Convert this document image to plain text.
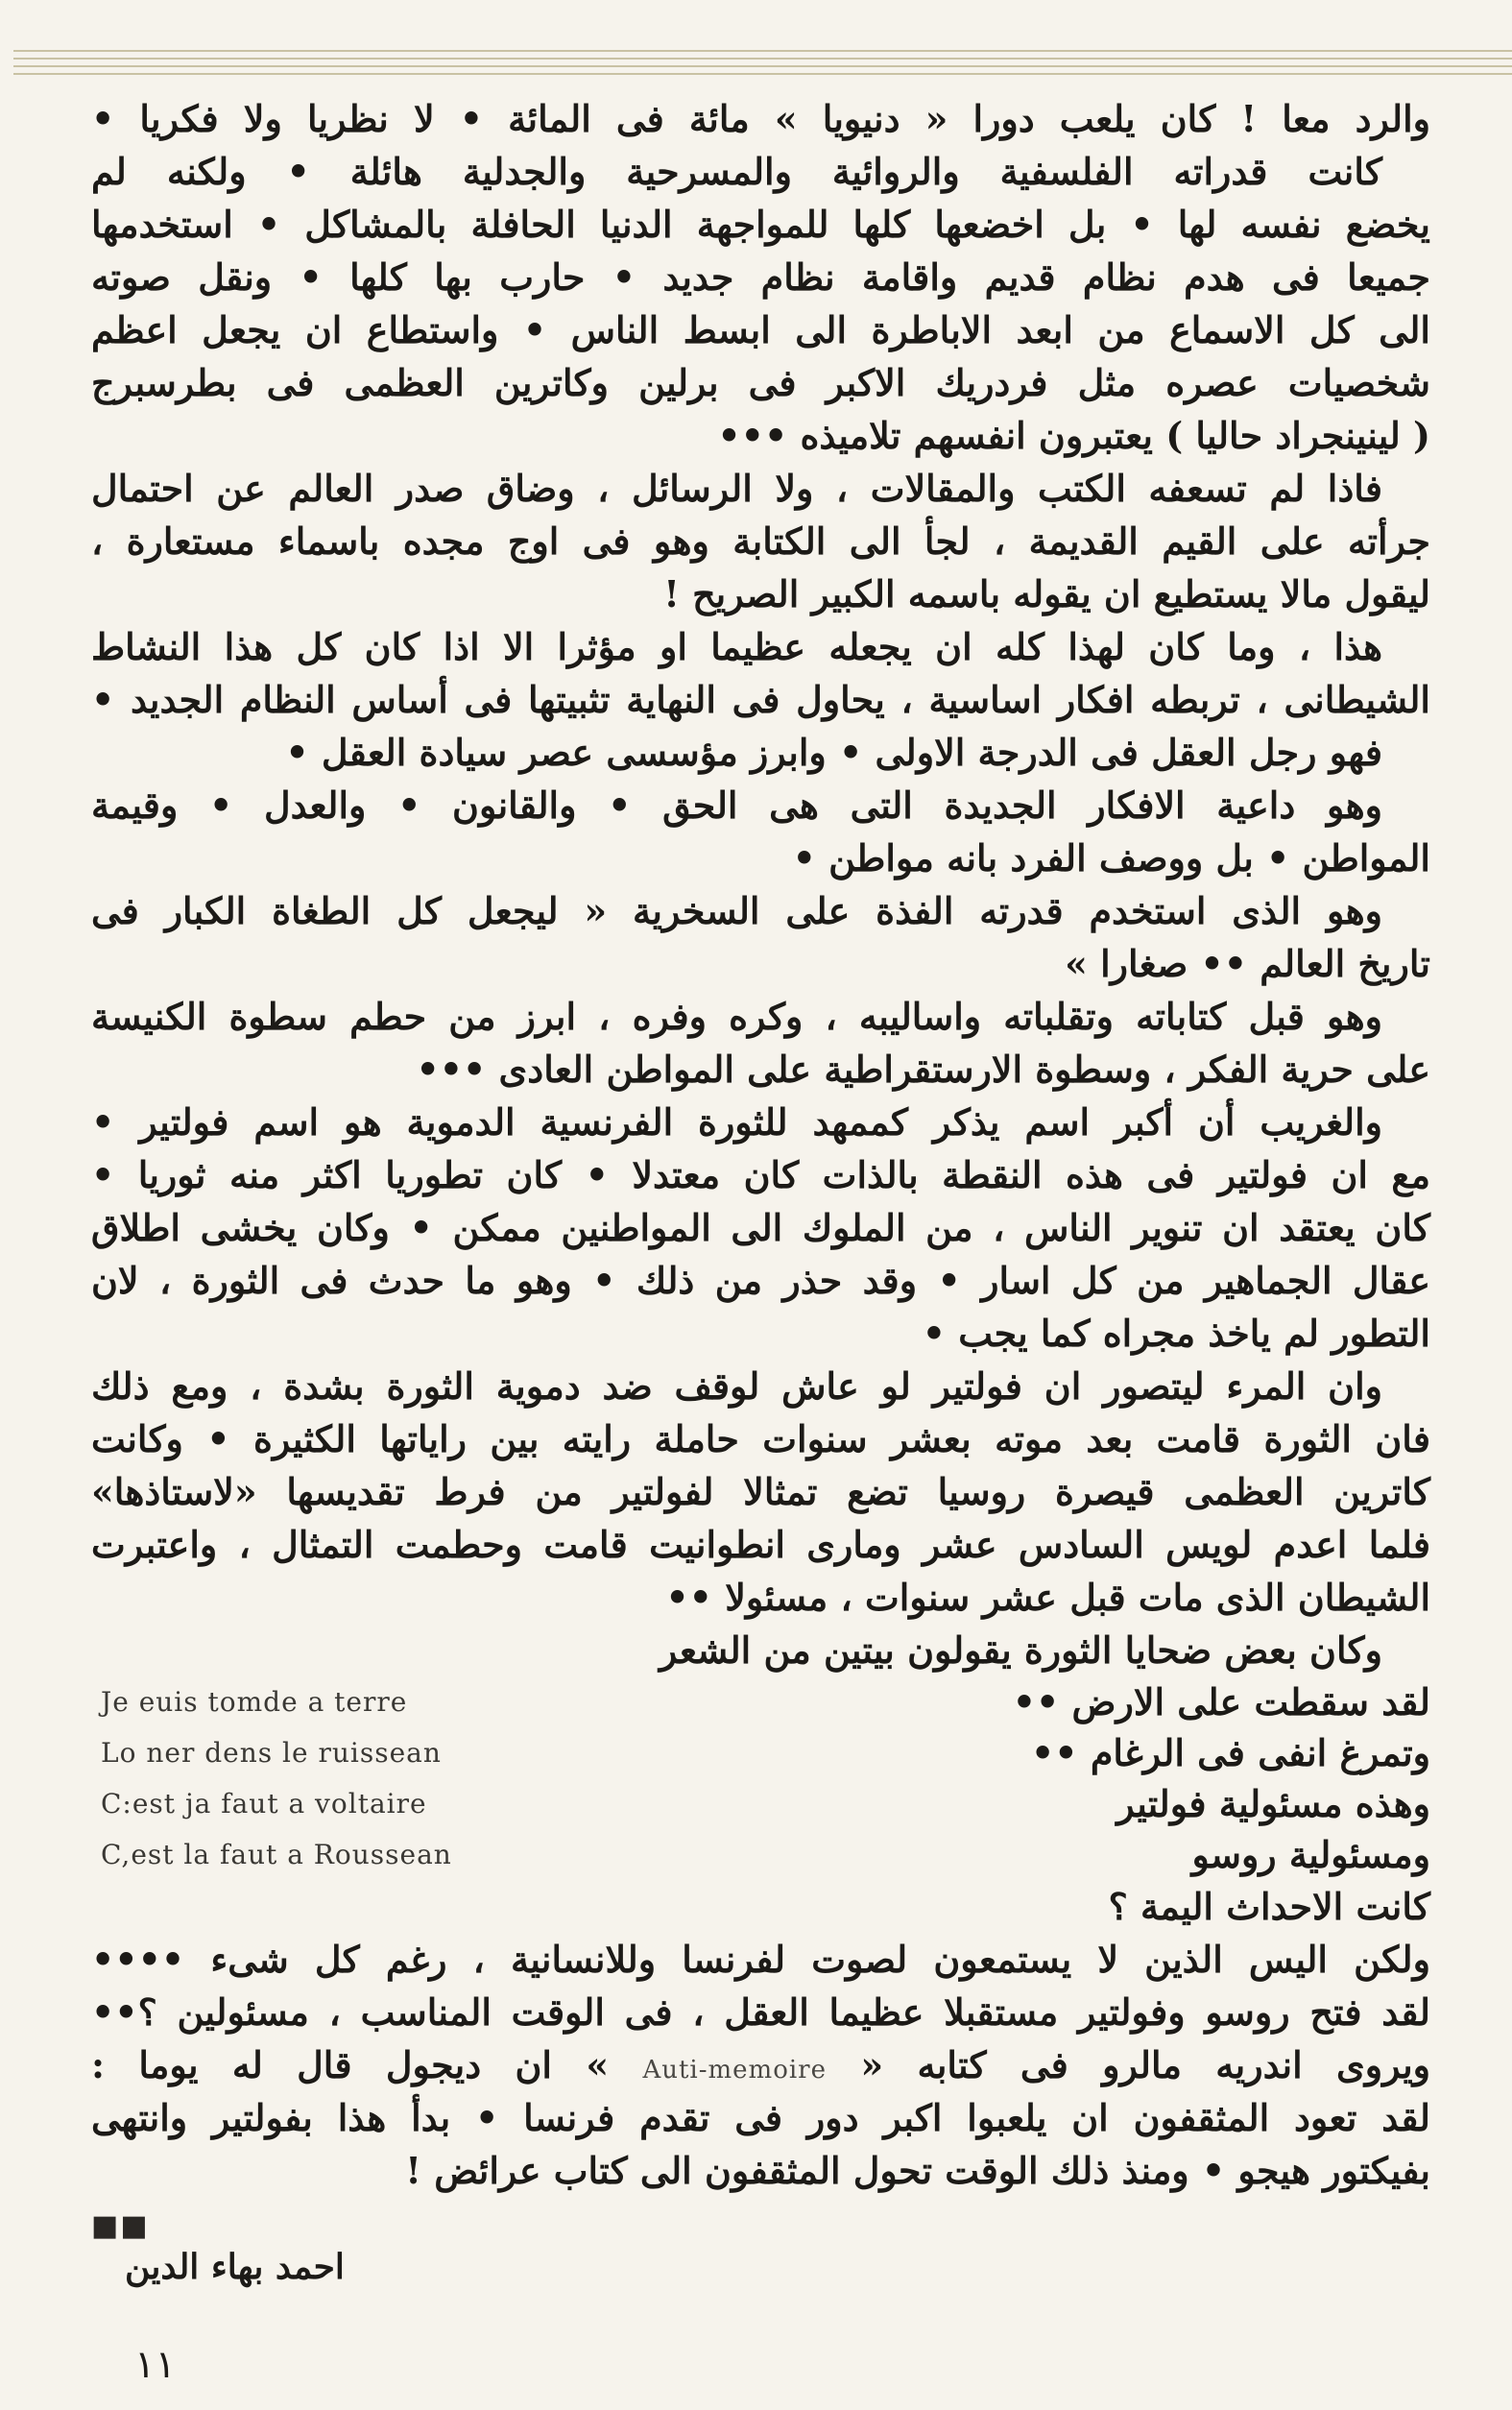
والرد معا ! كان يلعب دورا « دنيويا » مائة فى المائة • لا نظريا ولا فكريا •
كانت قدراته الفلسفية والروائية والمسرحية والجدلية هائلة • ولكنه لم
يخضع نفسه لها • بل اخضعها كلها للمواجهة الدنيا الحافلة بالمشاكل • استخدمها
جميعا فى هدم نظام قديم واقامة نظام جديد • حارب بها كلها • ونقل صوته
الى كل الاسماع من ابعد الاباطرة الى ابسط الناس • واستطاع ان يجعل اعظم
شخصيات عصره مثل فردريك الاكبر فى برلين وكاترين العظمى فى بطرسبرج
( لينينجراد حاليا ) يعتبرون انفسهم تلاميذه •••
فاذا لم تسعفه الكتب والمقالات ، ولا الرسائل ، وضاق صدر العالم عن احتمال
جرأته على القيم القديمة ، لجأ الى الكتابة وهو فى اوج مجده باسماء مستعارة ،
ليقول مالا يستطيع ان يقوله باسمه الكبير الصريح !
هذا ، وما كان لهذا كله ان يجعله عظيما او مؤثرا الا اذا كان كل هذا النشاط
الشيطانى ، تربطه افكار اساسية ، يحاول فى النهاية تثبيتها فى أساس النظام الجديد •
فهو رجل العقل فى الدرجة الاولى • وابرز مؤسسى عصر سيادة العقل •
وهو داعية الافكار الجديدة التى هى الحق • والقانون • والعدل • وقيمة
المواطن • بل ووصف الفرد بانه مواطن •
وهو الذى استخدم قدرته الفذة على السخرية « ليجعل كل الطغاة الكبار فى
تاريخ العالم •• صغارا »
وهو قبل كتاباته وتقلباته واساليبه ، وكره وفره ، ابرز من حطم سطوة الكنيسة
على حرية الفكر ، وسطوة الارستقراطية على المواطن العادى •••
والغريب أن أكبر اسم يذكر كممهد للثورة الفرنسية الدموية هو اسم فولتير •
مع ان فولتير فى هذه النقطة بالذات كان معتدلا • كان تطوريا اكثر منه ثوريا •
كان يعتقد ان تنوير الناس ، من الملوك الى المواطنين ممكن • وكان يخشى اطلاق
عقال الجماهير من كل اسار • وقد حذر من ذلك • وهو ما حدث فى الثورة ، لان
التطور لم ياخذ مجراه كما يجب •
وان المرء ليتصور ان فولتير لو عاش لوقف ضد دموية الثورة بشدة ، ومع ذلك
فان الثورة قامت بعد موته بعشر سنوات حاملة رايته بين راياتها الكثيرة • وكانت
كاترين العظمى قيصرة روسيا تضع تمثالا لفولتير من فرط تقديسها «لاستاذها»
فلما اعدم لويس السادس عشر ومارى انطوانيت قامت وحطمت التمثال ، واعتبرت
الشيطان الذى مات قبل عشر سنوات ، مسئولا ••
وكان بعض ضحايا الثورة يقولون بيتين من الشعر
لقد سقطت على الارض ••
Je euis tomde a terre
وتمرغ انفى فى الرغام ••
Lo ner dens le ruissean
وهذه مسئولية فولتير
C:est ja faut a voltaire
ومسئولية روسو
C,est la faut a Roussean
كانت الاحداث اليمة ؟
ولكن اليس الذين لا يستمعون لصوت لفرنسا وللانسانية ، رغم كل شىء ••••
لقد فتح روسو وفولتير مستقبلا عظيما العقل ، فى الوقت المناسب ، مسئولين ؟••
ويروى اندريه مالرو فى كتابه « Auti-memoire » ان ديجول قال له يوما :
لقد تعود المثقفون ان يلعبوا اكبر دور فى تقدم فرنسا • بدأ هذا بفولتير وانتهى
بفيكتور هيجو • ومنذ ذلك الوقت تحول المثقفون الى كتاب عرائض !
■■
احمد بهاء الدين
١١
